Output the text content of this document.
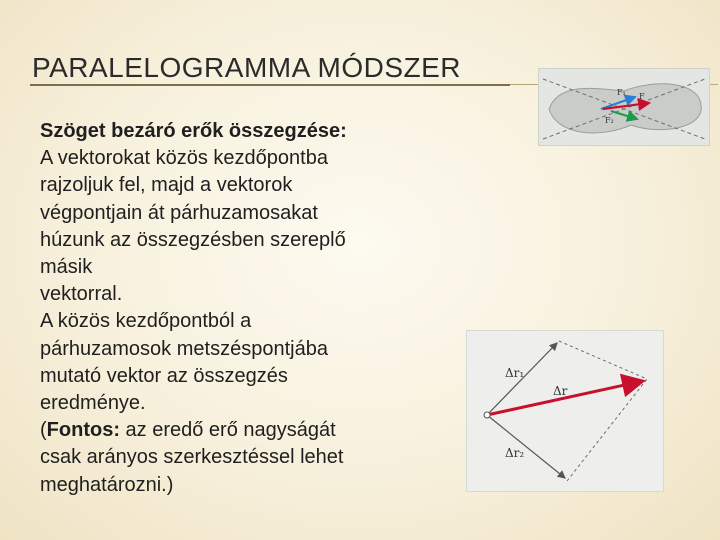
PARALELOGRAMMA MÓDSZER
Szöget bezáró erők összegzése:
A vektorokat közös kezdőpontba
rajzoljuk fel, majd a vektorok
végpontjain át párhuzamosakat
húzunk az összegzésben szereplő
másik
vektorral.
A közös kezdőpontból a
párhuzamosok metszéspontjába
mutató vektor az összegzés
eredménye.
(Fontos: az eredő erő nagyságát
csak arányos szerkesztéssel lehet
meghatározni.)
F₁ F
F₂
Δr₁
Δr
Δr₂
